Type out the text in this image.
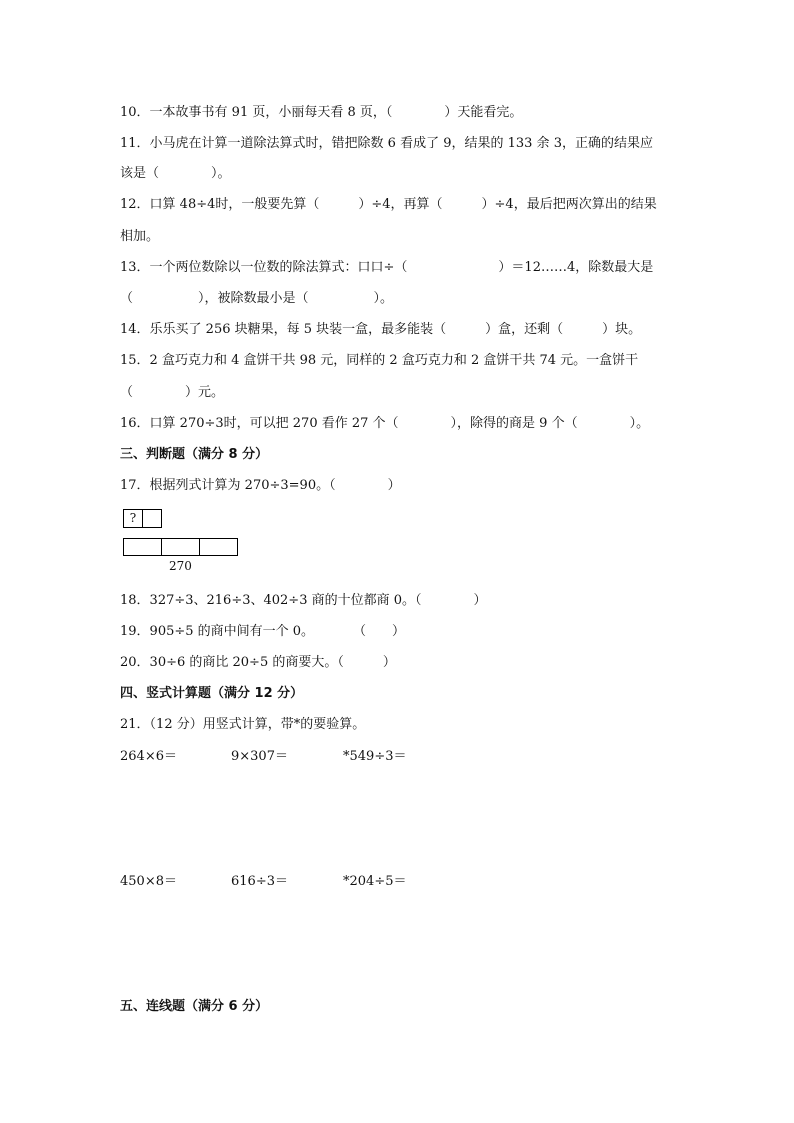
10．一本故事书有 91 页，小丽每天看 8 页，（　　　　）天能看完。
11．小马虎在计算一道除法算式时，错把除数 6 看成了 9，结果的 133 余 3，正确的结果应
该是（　　　　）。
12．口算 48÷4时，一般要先算（　　　）÷4，再算（　　　）÷4，最后把两次算出的结果
相加。
13．一个两位数除以一位数的除法算式：口口÷（　　　　　　　）＝12……4，除数最大是
（　　　　　），被除数最小是（　　　　　）。
14．乐乐买了 256 块糖果，每 5 块装一盒，最多能装（　　　）盒，还剩（　　　）块。
15．2 盒巧克力和 4 盒饼干共 98 元，同样的 2 盒巧克力和 2 盒饼干共 74 元。一盒饼干
（　　　　）元。
16．口算 270÷3时，可以把 270 看作 27 个（　　　　），除得的商是 9 个（　　　　）。
三、判断题（满分 8 分）
17．根据列式计算为 270÷3=90。（　　　　）
?
270
18．327÷3、216÷3、402÷3 商的十位都商 0。（　　　　）
19．905÷5 的商中间有一个 0。　　　　（　　）
20．30÷6 的商比 20÷5 的商要大。（　　　）
四、竖式计算题（满分 12 分）
21．（12 分）用竖式计算，带*的要验算。
264×6＝	9×307＝	*549÷3＝
450×8＝	616÷3＝	*204÷5＝
五、连线题（满分 6 分）
